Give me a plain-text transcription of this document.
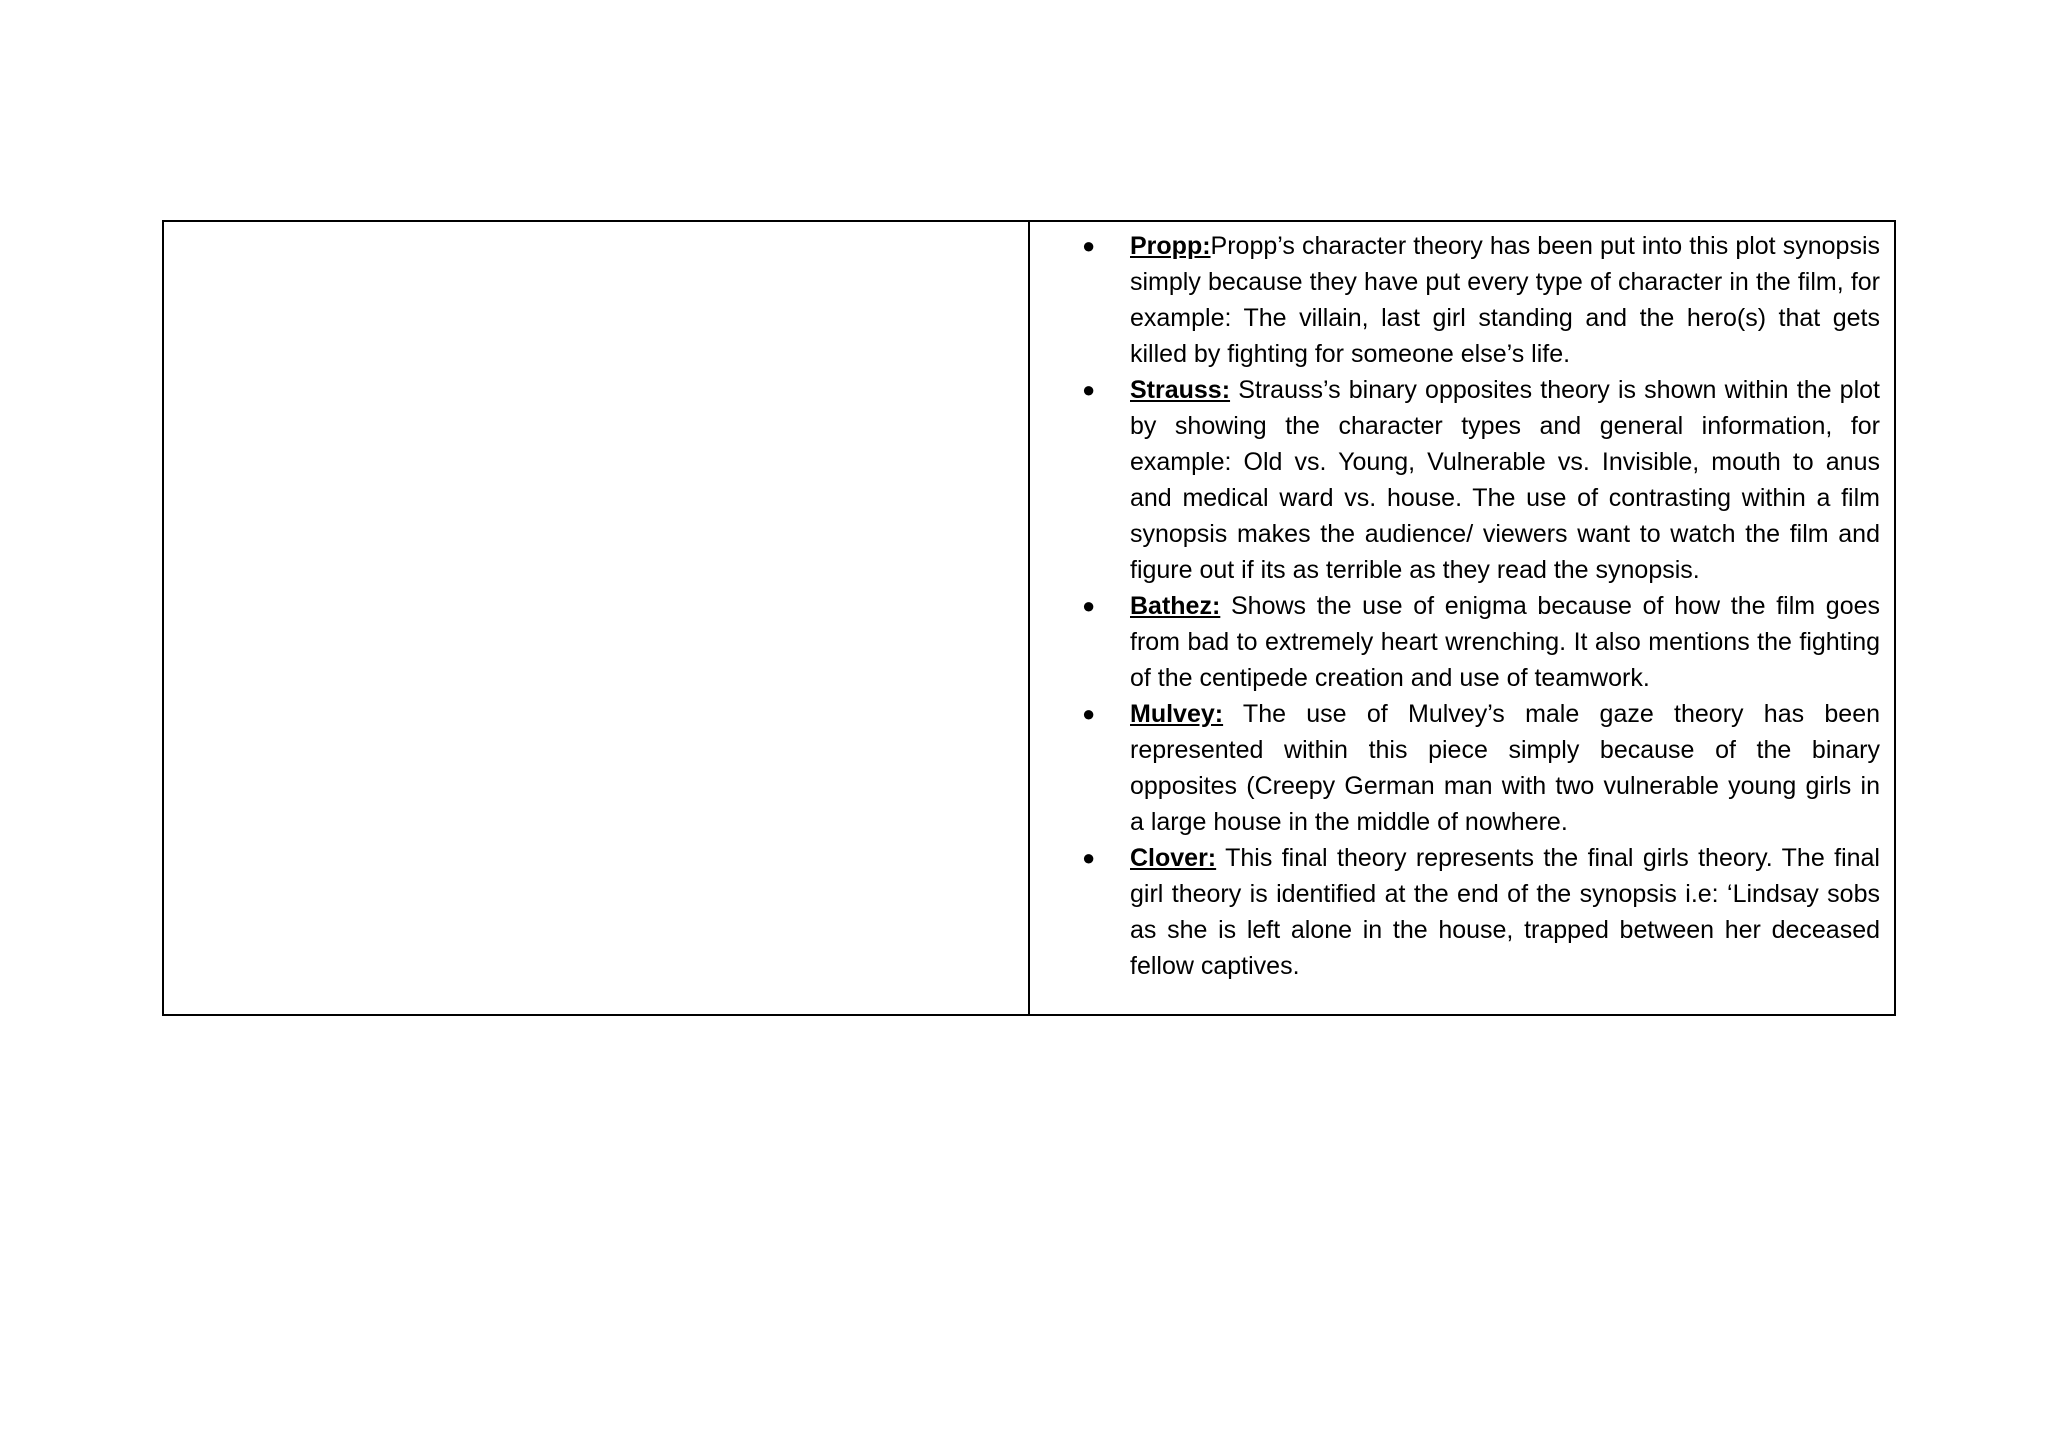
● Propp:Propp’s character theory has been put into this plot synopsis simply because they have put every type of character in the film, for example: The villain, last girl standing and the hero(s) that gets killed by fighting for someone else’s life.
● Strauss: Strauss’s binary opposites theory is shown within the plot by showing the character types and general information, for example: Old vs. Young, Vulnerable vs. Invisible, mouth to anus and medical ward vs. house. The use of contrasting within a film synopsis makes the audience/ viewers want to watch the film and figure out if its as terrible as they read the synopsis.
● Bathez: Shows the use of enigma because of how the film goes from bad to extremely heart wrenching. It also mentions the fighting of the centipede creation and use of teamwork.
● Mulvey: The use of Mulvey’s male gaze theory has been represented within this piece simply because of the binary opposites (Creepy German man with two vulnerable young girls in a large house in the middle of nowhere.
● Clover: This final theory represents the final girls theory. The final girl theory is identified at the end of the synopsis i.e: ‘Lindsay sobs as she is left alone in the house, trapped between her deceased fellow captives.
